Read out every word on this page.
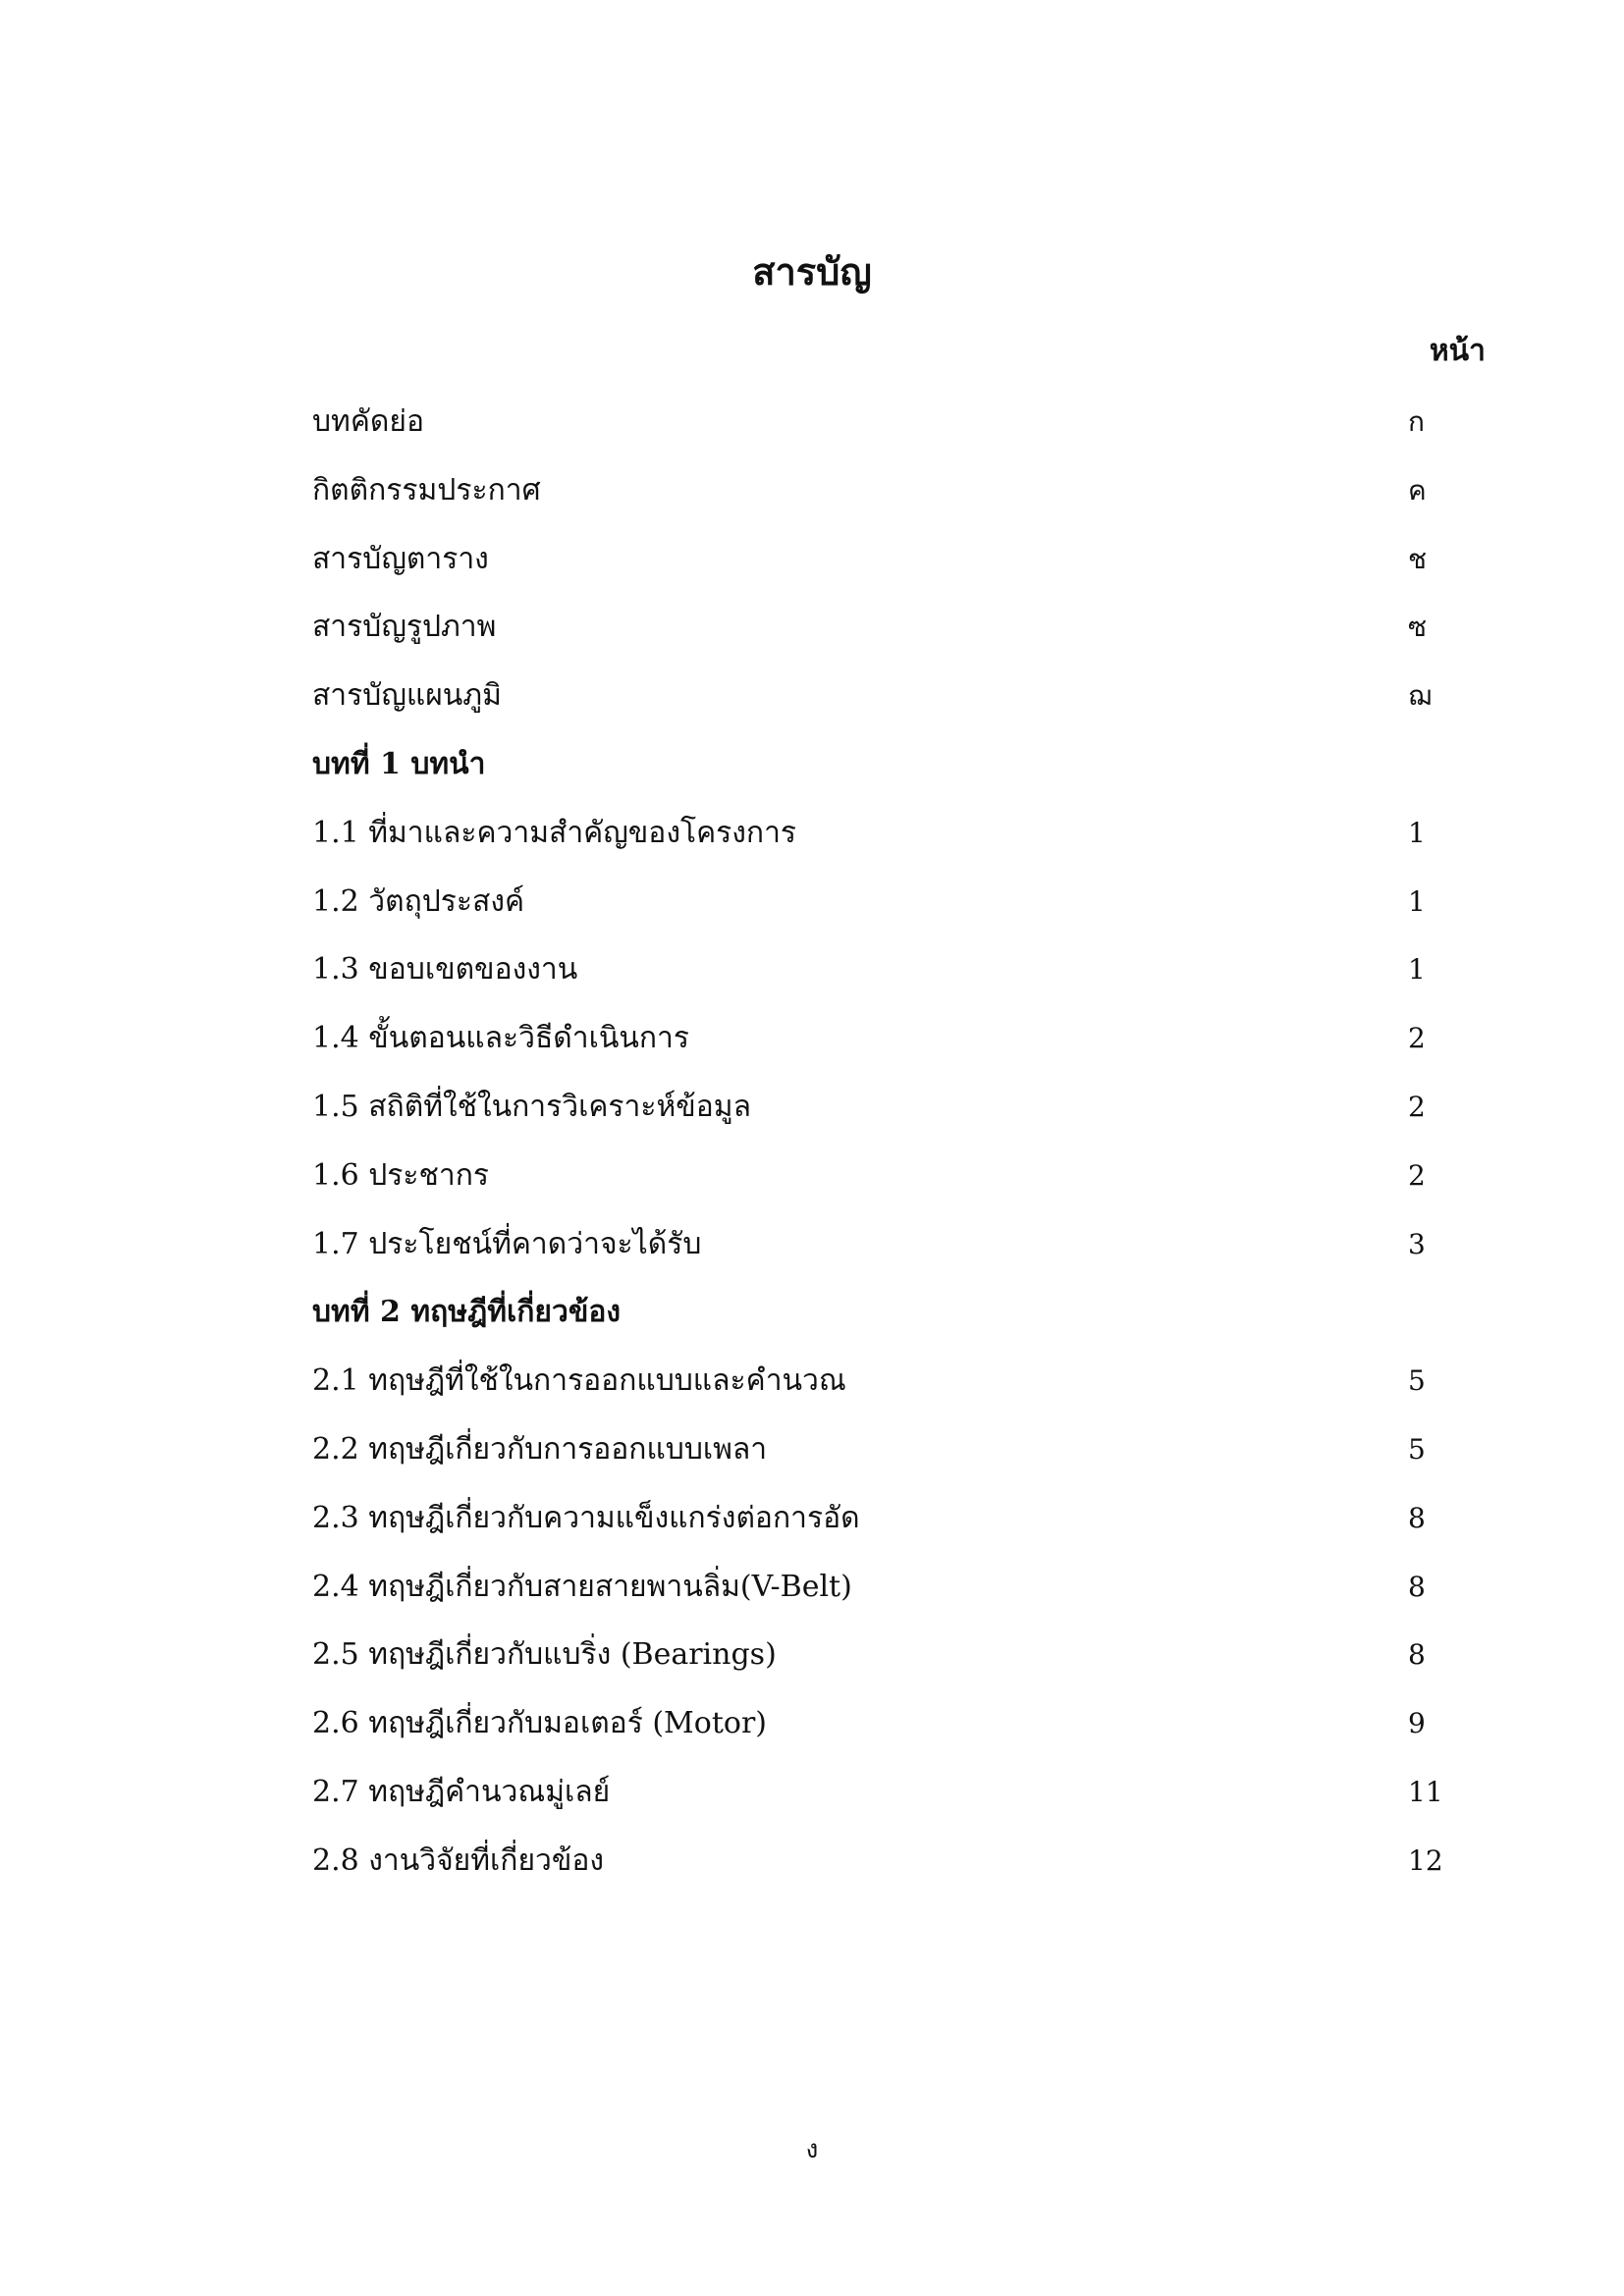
สารบัญ
หน้า
บทคัดย่อ	ก
กิตติกรรมประกาศ	ค
สารบัญตาราง	ช
สารบัญรูปภาพ	ซ
สารบัญแผนภูมิ	ฌ
บทที่ 1 บทนำ
1.1 ที่มาและความสำคัญของโครงการ	1
1.2 วัตถุประสงค์	1
1.3 ขอบเขตของงาน	1
1.4 ขั้นตอนและวิธีดำเนินการ	2
1.5 สถิติที่ใช้ในการวิเคราะห์ข้อมูล	2
1.6 ประชากร	2
1.7 ประโยชน์ที่คาดว่าจะได้รับ	3
บทที่ 2 ทฤษฎีที่เกี่ยวข้อง
2.1 ทฤษฎีที่ใช้ในการออกแบบและคำนวณ	5
2.2 ทฤษฎีเกี่ยวกับการออกแบบเพลา	5
2.3 ทฤษฎีเกี่ยวกับความแข็งแกร่งต่อการอัด	8
2.4 ทฤษฎีเกี่ยวกับสายสายพานลิ่ม(V-Belt)	8
2.5 ทฤษฎีเกี่ยวกับแบริ่ง (Bearings)	8
2.6 ทฤษฎีเกี่ยวกับมอเตอร์ (Motor)	9
2.7 ทฤษฎีคำนวณมู่เลย์	11
2.8 งานวิจัยที่เกี่ยวข้อง	12
ง
